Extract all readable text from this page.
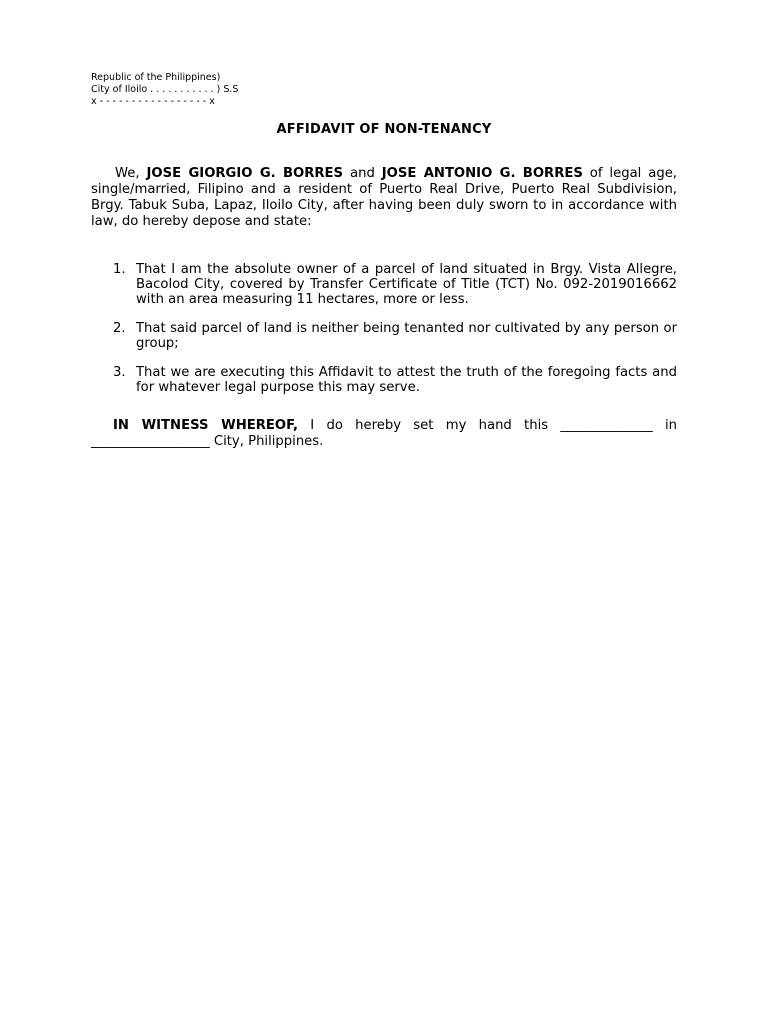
Republic of the Philippines)
City of Iloilo . . . . . . . . . . . ) S.S
x - - - - - - - - - - - - - - - - - x
AFFIDAVIT OF NON-TENANCY
We, JOSE GIORGIO G. BORRES and JOSE ANTONIO G. BORRES of legal age, single/married, Filipino and a resident of Puerto Real Drive, Puerto Real Subdivision, Brgy. Tabuk Suba, Lapaz, Iloilo City, after having been duly sworn to in accordance with law, do hereby depose and state:
1. That I am the absolute owner of a parcel of land situated in Brgy. Vista Allegre, Bacolod City, covered by Transfer Certificate of Title (TCT) No. 092-2019016662 with an area measuring 11 hectares, more or less.
2. That said parcel of land is neither being tenanted nor cultivated by any person or group;
3. That we are executing this Affidavit to attest the truth of the foregoing facts and for whatever legal purpose this may serve.
IN WITNESS WHEREOF, I do hereby set my hand this ______________ in __________________ City, Philippines.
